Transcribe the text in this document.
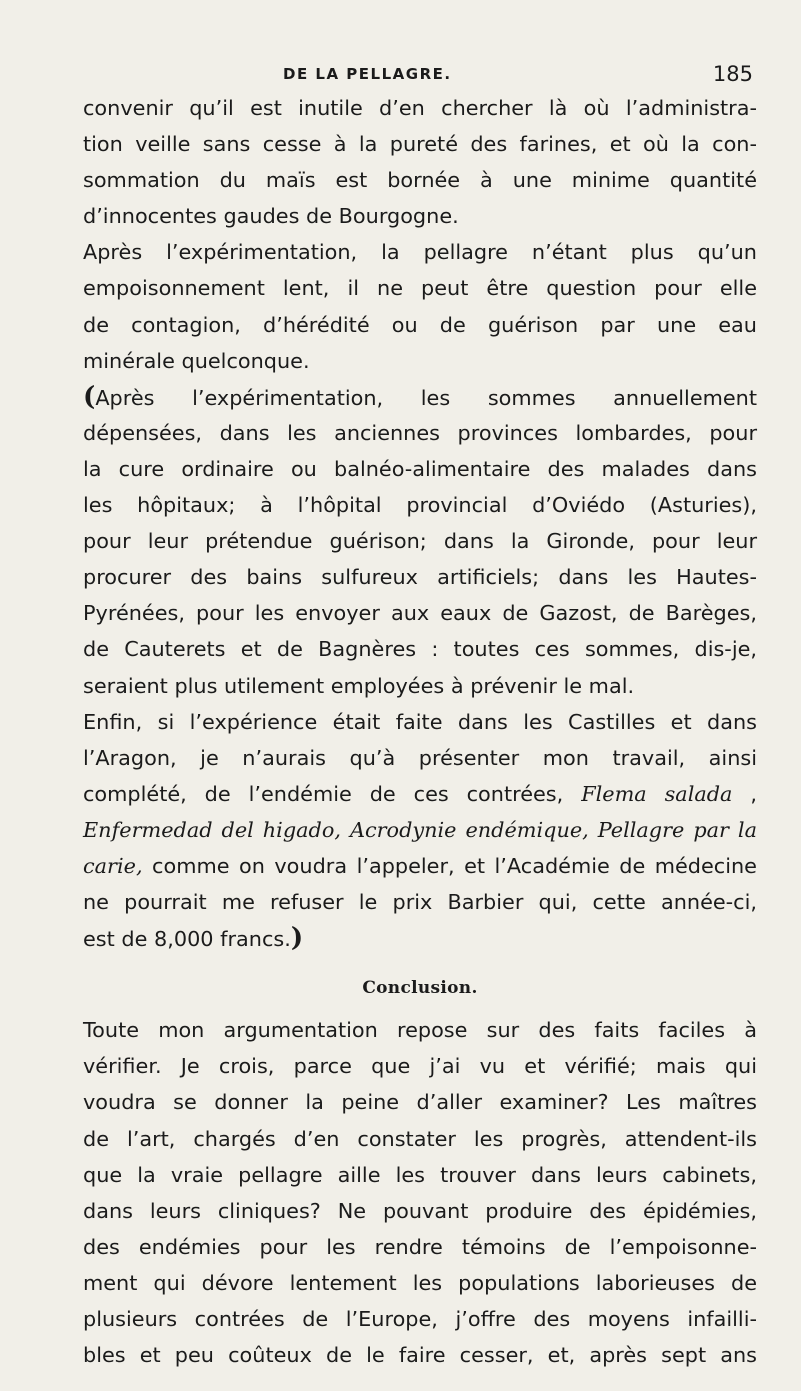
DE LA PELLAGRE.	185
convenir qu’il est inutile d’en chercher là où l’administra-
tion veille sans cesse à la pureté des farines, et où la con-
sommation du maïs est bornée à une minime quantité
d’innocentes gaudes de Bourgogne.
Après l’expérimentation, la pellagre n’étant plus qu’un
empoisonnement lent, il ne peut être question pour elle
de contagion, d’hérédité ou de guérison par une eau
minérale quelconque.
(Après l’expérimentation, les sommes annuellement
dépensées, dans les anciennes provinces lombardes, pour
la cure ordinaire ou balnéo-alimentaire des malades dans
les hôpitaux; à l’hôpital provincial d’Oviédo (Asturies),
pour leur prétendue guérison; dans la Gironde, pour leur
procurer des bains sulfureux artificiels; dans les Hautes-
Pyrénées, pour les envoyer aux eaux de Gazost, de Barèges,
de Cauterets et de Bagnères : toutes ces sommes, dis-je,
seraient plus utilement employées à prévenir le mal.
Enfin, si l’expérience était faite dans les Castilles et dans
l’Aragon, je n’aurais qu’à présenter mon travail, ainsi
complété, de l’endémie de ces contrées, Flema salada ,
Enfermedad del higado, Acrodynie endémique, Pellagre par la
carie, comme on voudra l’appeler, et l’Académie de médecine
ne pourrait me refuser le prix Barbier qui, cette année-ci,
est de 8,000 francs.)
Conclusion.
Toute mon argumentation repose sur des faits faciles à
vérifier. Je crois, parce que j’ai vu et vérifié; mais qui
voudra se donner la peine d’aller examiner? Les maîtres
de l’art, chargés d’en constater les progrès, attendent-ils
que la vraie pellagre aille les trouver dans leurs cabinets,
dans leurs cliniques? Ne pouvant produire des épidémies,
des endémies pour les rendre témoins de l’empoisonne-
ment qui dévore lentement les populations laborieuses de
plusieurs contrées de l’Europe, j’offre des moyens infailli-
bles et peu coûteux de le faire cesser, et, après sept ans
